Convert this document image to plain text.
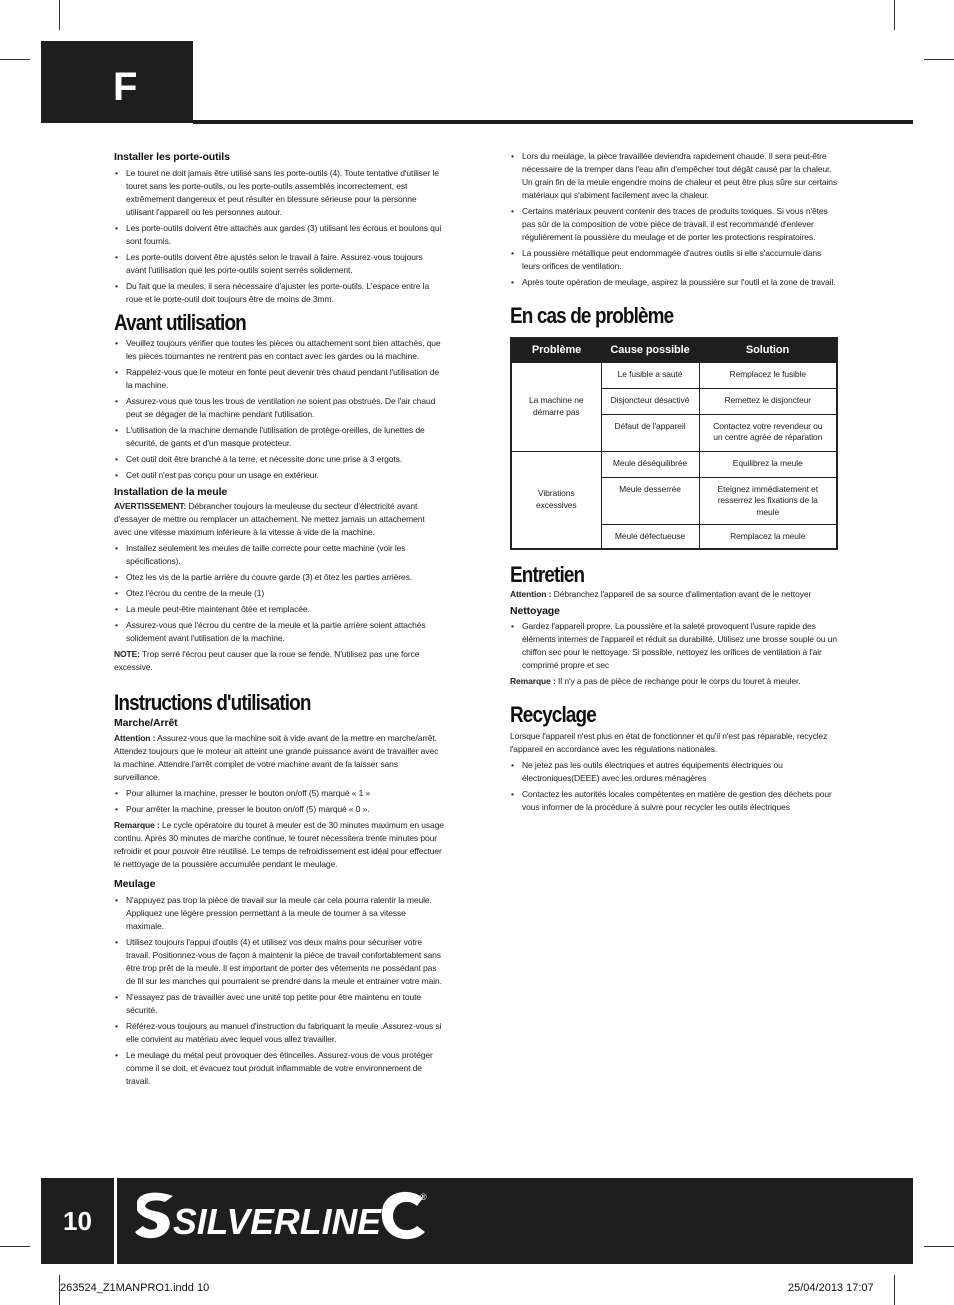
F
Installer les porte-outils
• Le touret ne doit jamais être utilisé sans les porte-outils (4). Toute tentative d'utiliser le touret sans les porte-outils, ou les porte-outils assemblés incorrectement, est extrêmement dangereux et peut résulter en blessure sérieuse pour la personne utilisant l'appareil ou les personnes autour.
• Les porte-outils doivent être attachés aux gardes (3) utilisant les écrous et boulons qui sont fournis.
• Les porte-outils doivent être ajustés selon le travail à faire. Assurez-vous toujours avant l'utilisation que les porte-outils soient serrés solidement.
• Du fait que la meules, il sera nécessaire d'ajuster les porte-outils. L'espace entre la roue et le porte-outil doit toujours être de moins de 3mm.
Avant utilisation
• Veuillez toujours vérifier que toutes les pièces ou attachement sont bien attachés, que les pièces tournantes ne rentrent pas en contact avec les gardes ou la machine.
• Rappelez-vous que le moteur en fonte peut devenir très chaud pendant l'utilisation de la machine.
• Assurez-vous que tous les trous de ventilation ne soient pas obstrués. De l'air chaud peut se dégager de la machine pendant l'utilisation.
• L'utilisation de la machine demande l'utilisation de protège-oreilles, de lunettes de sécurité, de gants et d'un masque protecteur.
• Cet outil doit être branché à la terre, et nécessite donc une prise à 3 ergots.
• Cet outil n'est pas conçu pour un usage en extérieur.
Installation de la meule

AVERTISSEMENT: Débrancher toujours la meuleuse du secteur d'électricité avant d'essayer de mettre ou remplacer un attachement. Ne mettez jamais un attachement avec une vitesse maximum inférieure à la vitesse à vide de la machine.

• Installez seulement les meules de taille correcte pour cette machine (voir les spécifications).
• Otez les vis de la partie arrière du couvre garde (3) et ôtez les parties arrières.
• Otez l'écrou du centre de la meule (1)
• La meule peut-être maintenant ôtée et remplacée.
• Assurez-vous que l'écrou du centre de la meule et la partie arrière soient attachés solidement avant l'utilisation de la machine.

NOTE: Trop serré l'écrou peut causer que la roue se fende. N'utilisez pas une force excessive.

Instructions d'utilisation
Marche/Arrêt

Attention : Assurez-vous que la machine soit à vide avant de la mettre en marche/arrêt. Attendez toujours que le moteur ait atteint une grande puissance avant de travailler avec la machine. Attendre l'arrêt complet de votre machine avant de la laisser sans surveillance.

• Pour allumer la machine, presser le bouton on/off (5) marqué « 1 »
• Pour arrêter la machine, presser le bouton on/off (5) marqué « 0 ».

Remarque : Le cycle opératoire du touret à meuler est de 30 minutes maximum en usage continu. Après 30 minutes de marche continue, le touret nécessitera trente minutes pour refroidir et pour pouvoir être réutilisé. Le temps de refroidissement est idéal pour effectuer le nettoyage de la poussière accumulée pendant le meulage.

Meulage
• N'appuyez pas trop la pièce de travail sur la meule car cela pourra ralentir la meule. Appliquez une légère pression permettant à la meule de tourner à sa vitesse maximale.
• Utilisez toujours l'appui d'outils (4) et utilisez vos deux mains pour sécuriser votre travail. Positionnez-vous de façon à maintenir la pièce de travail confortablement sans être trop prêt de la meule. Il est important de porter des vêtements ne possédant pas de fil sur les manches qui pourraient se prendre dans la meule et entrainer votre main.
• N'essayez pas de travailler avec une unité top petite pour être maintenu en toute sécurité.
• Référez-vous toujours au manuel d'instruction du fabriquant la meule .Assurez-vous si elle convient au matériau avec lequel vous allez travailler.
• Le meulage du métal peut provoquer des étincelles. Assurez-vous de vous protéger comme il se doit, et évacuez tout produit inflammable de votre environnement de travail.
• Lors du meulage, la pièce travaillée deviendra rapidement chaude. Il sera peut-être nécessaire de la tremper dans l'eau afin d'empêcher tout dégât causé par la chaleur. Un grain fin de la meule engendre moins de chaleur et peut être plus sûre sur certains matériaux qui s'abiment facilement avec la chaleur.
• Certains matériaux peuvent contenir des traces de produits toxiques. Si vous n'êtes pas sûr de la composition de votre pièce de travail, il est recommandé d'enlever régulièrement la poussière du meulage et de porter les protections respiratoires.
• La poussière métallique peut endommagée d'autres outils si elle s'accumule dans leurs orifices de ventilation.
• Après toute opération de meulage, aspirez la poussière sur l'outil et la zone de travail.
En cas de problème
Problème	Cause possible	Solution
La machine ne démarre pas	Le fusible a sauté	Remplacez le fusible
	Disjoncteur désactivé	Remettez le disjoncteur
	Défaut de l'appareil	Contactez votre revendeur ou un centre agrée de réparation
Vibrations excessives	Meule déséquilibrée	Equilibrez la meule
	Meule desserrée	Eteignez immédiatement et resserrez les fixations de la meule
	Meule défectueuse	Remplacez la meule
Entretien

Attention : Débranchez l'appareil de sa source d'alimentation avant de le nettoyer

Nettoyage
• Gardez l'appareil propre. La poussière et la saleté provoquent l'usure rapide des éléments internes de l'appareil et réduit sa durabilité. Utilisez une brosse souple ou un chiffon sec pour le nettoyage. Si possible, nettoyez les orifices de ventilation à l'air comprimé propre et sec

Remarque : Il n'y a pas de pièce de rechange pour le corps du touret à meuler.

Recyclage

Lorsque l'appareil n'est plus en état de fonctionner et qu'il n'est pas réparable, recyclez l'appareil en accordance avec les régulations nationales.

• Ne jetez pas les outils électriques et autres équipements électriques ou électroniques(DEEE) avec les ordures ménagères
• Contactez les autorités locales compétentes en matière de gestion des déchets pour vous informer de la procédure à suivre pour recycler les outils électriques
10	SILVERLINE
®
263524_Z1MANPRO1.indd 10	25/04/2013 17:07
